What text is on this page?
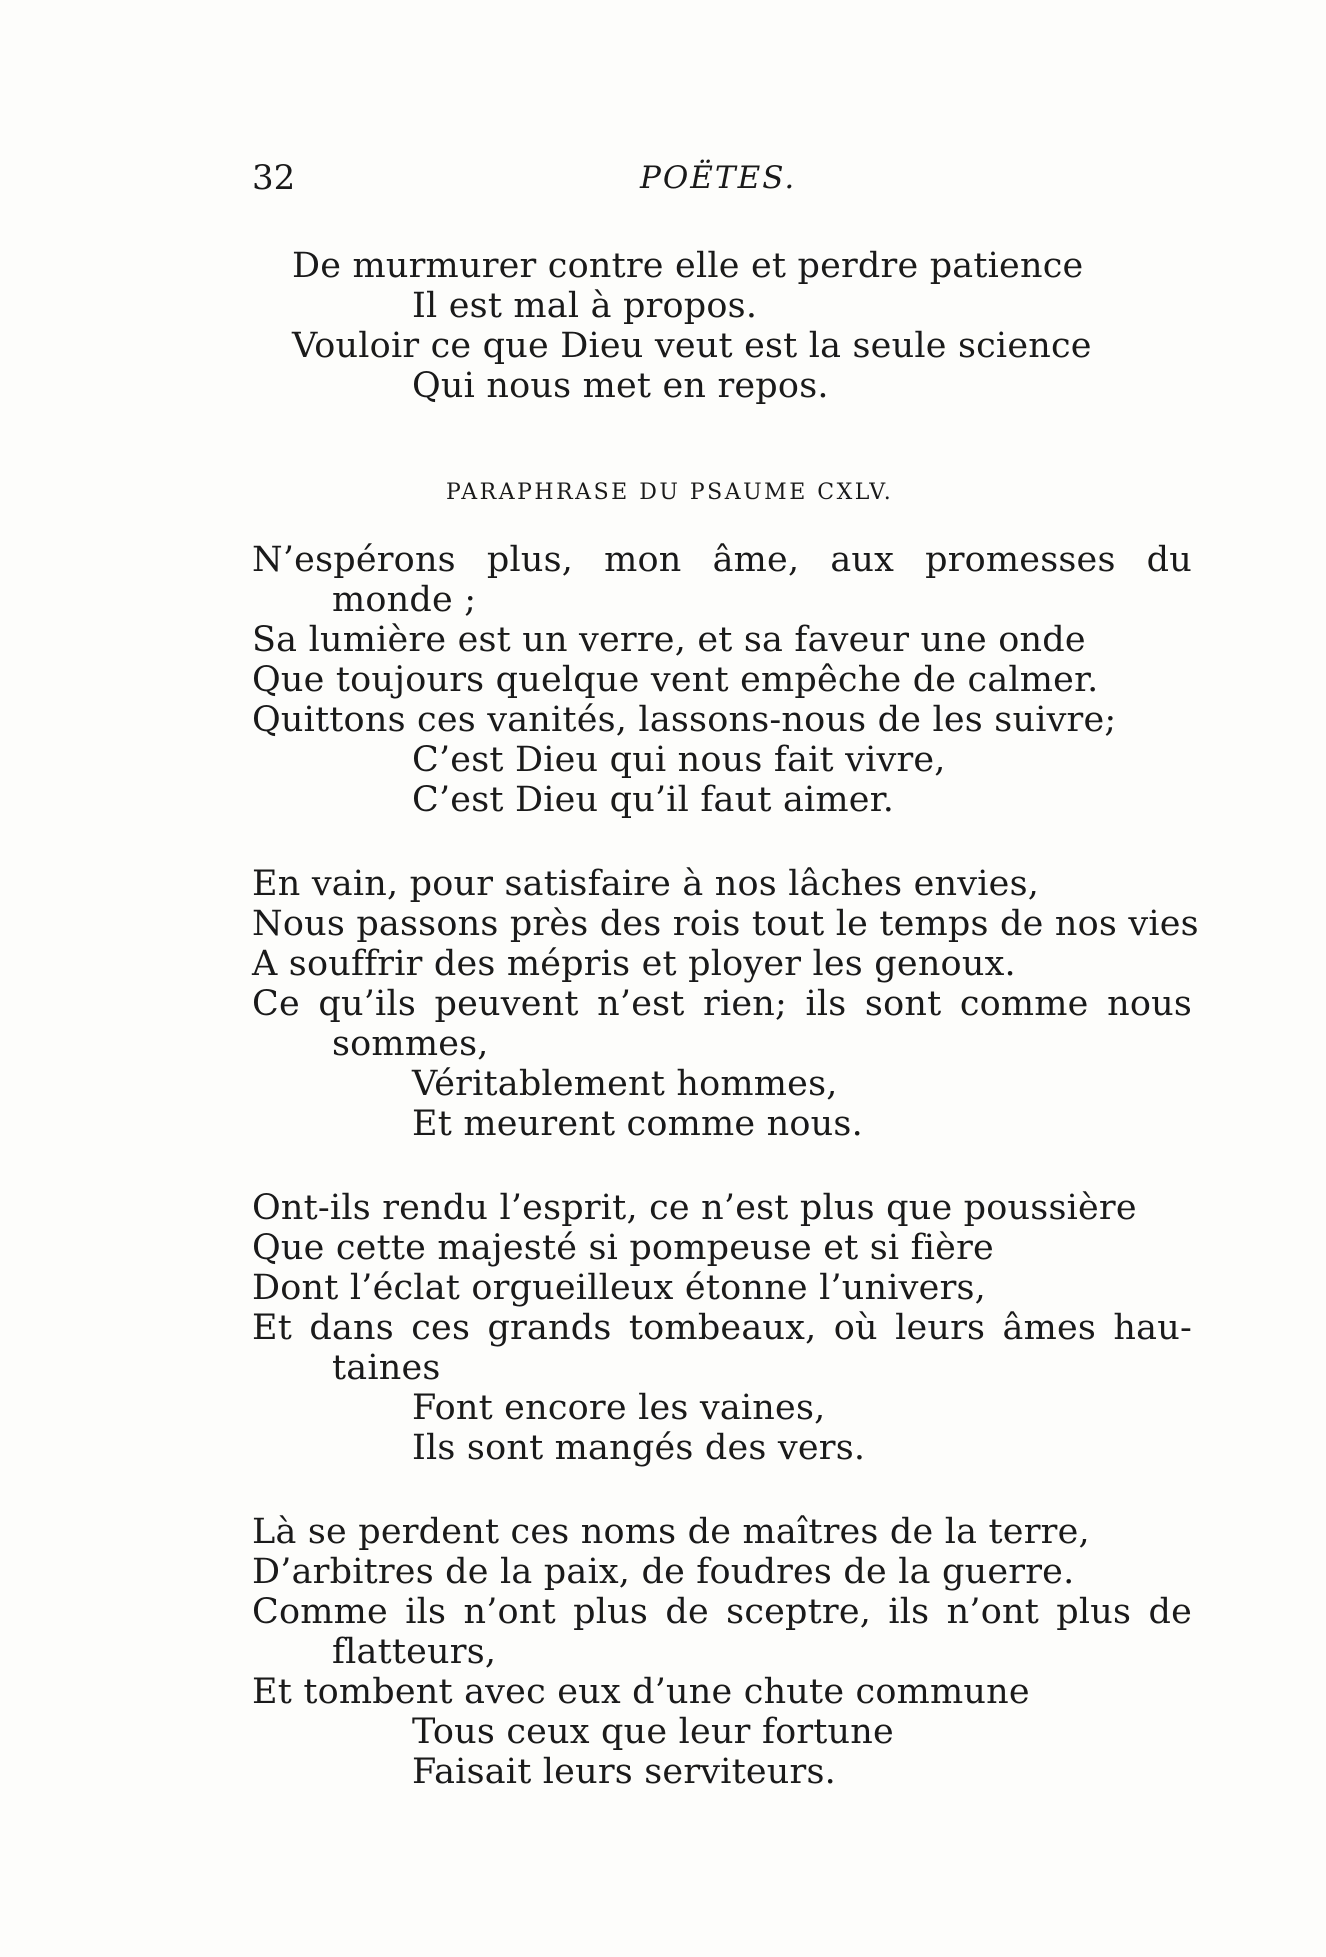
32	POËTES.
De murmurer contre elle et perdre patience
Il est mal à propos.
Vouloir ce que Dieu veut est la seule science
Qui nous met en repos.
PARAPHRASE DU PSAUME CXLV.
N’espérons plus, mon âme, aux promesses du
monde ;
Sa lumière est un verre, et sa faveur une onde
Que toujours quelque vent empêche de calmer.
Quittons ces vanités, lassons-nous de les suivre;
C’est Dieu qui nous fait vivre,
C’est Dieu qu’il faut aimer.
En vain, pour satisfaire à nos lâches envies,
Nous passons près des rois tout le temps de nos vies
A souffrir des mépris et ployer les genoux.
Ce qu’ils peuvent n’est rien; ils sont comme nous
sommes,
Véritablement hommes,
Et meurent comme nous.
Ont-ils rendu l’esprit, ce n’est plus que poussière
Que cette majesté si pompeuse et si fière
Dont l’éclat orgueilleux étonne l’univers,
Et dans ces grands tombeaux, où leurs âmes hau-
taines
Font encore les vaines,
Ils sont mangés des vers.
Là se perdent ces noms de maîtres de la terre,
D’arbitres de la paix, de foudres de la guerre.
Comme ils n’ont plus de sceptre, ils n’ont plus de
flatteurs,
Et tombent avec eux d’une chute commune
Tous ceux que leur fortune
Faisait leurs serviteurs.
